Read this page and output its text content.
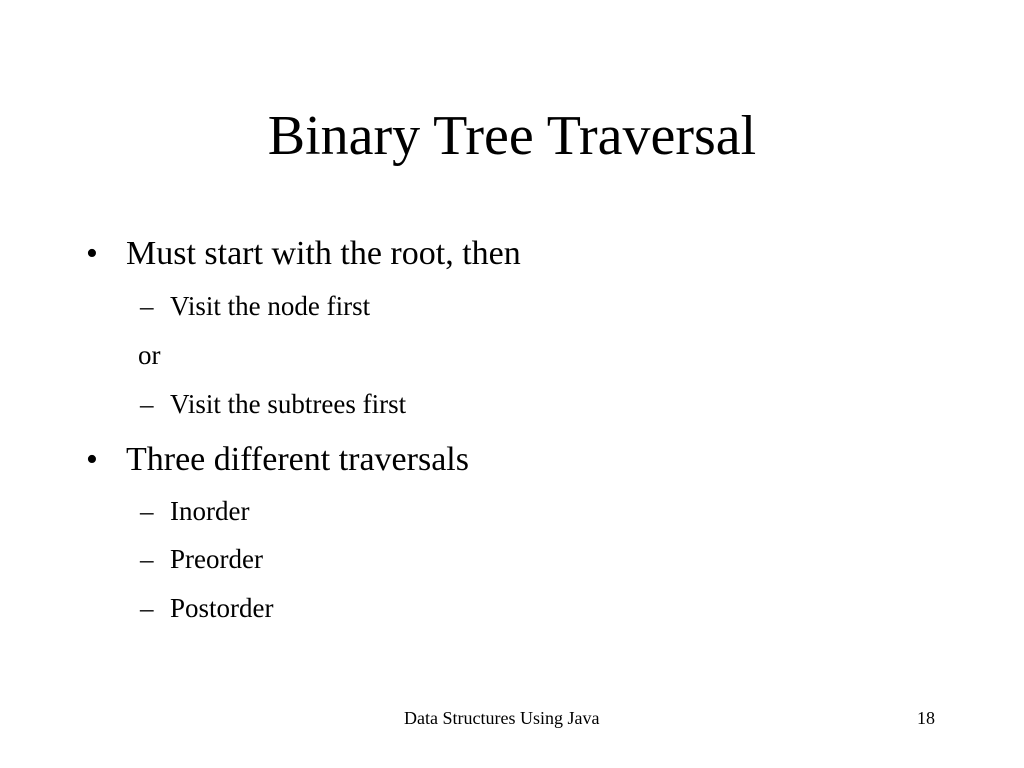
Binary Tree Traversal
• Must start with the root, then
– Visit the node first
or
– Visit the subtrees first
• Three different traversals
– Inorder
– Preorder
– Postorder
Data Structures Using Java	18
